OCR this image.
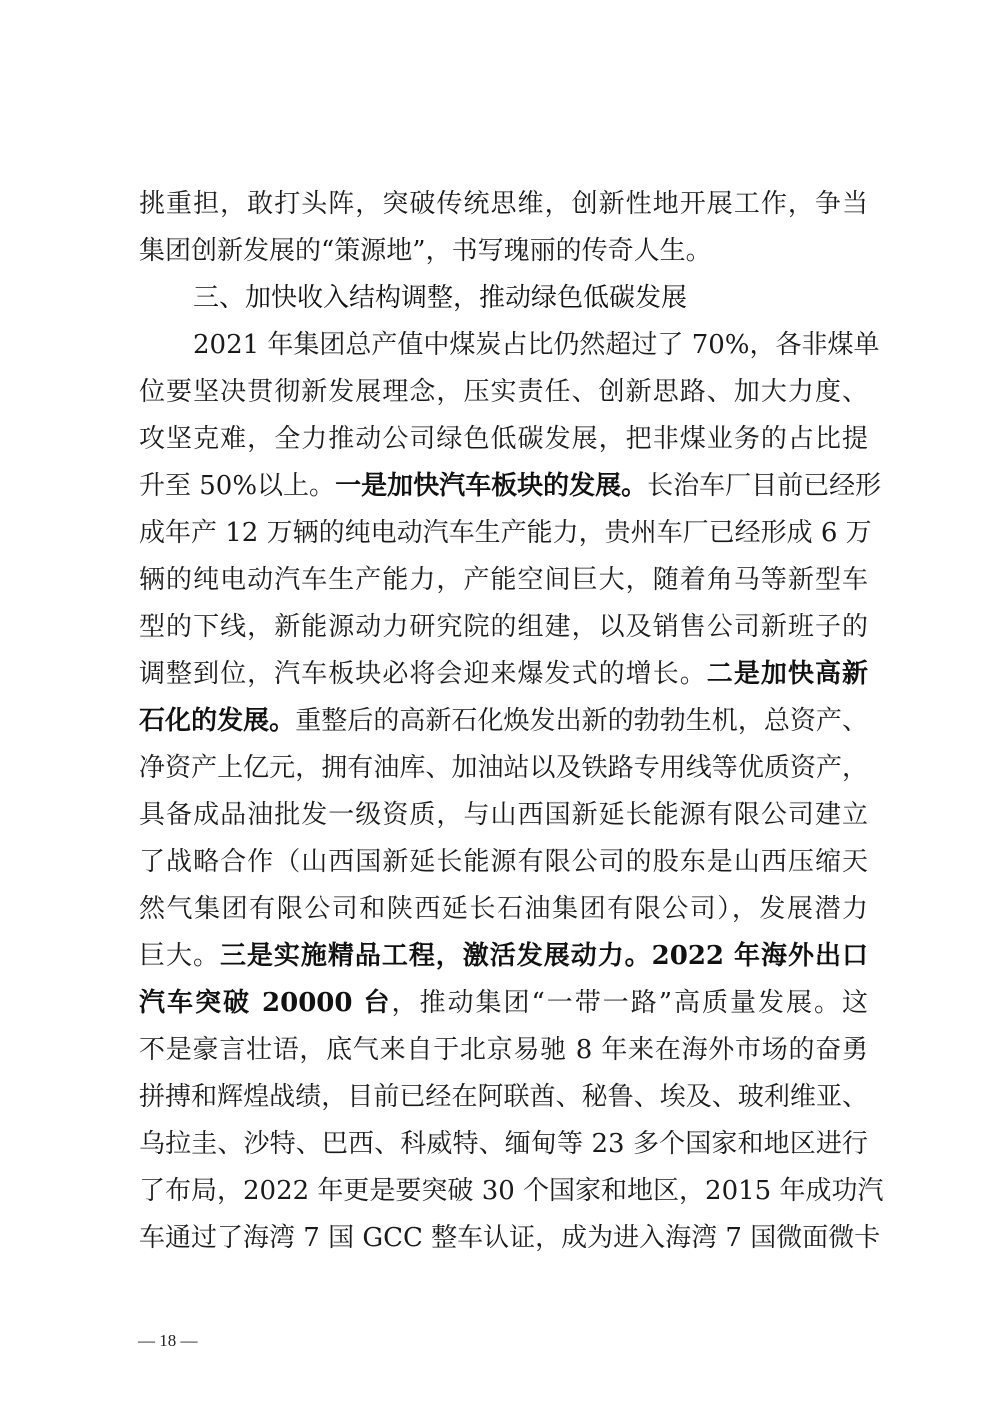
挑重担，敢打头阵，突破传统思维，创新性地开展工作，争当
集团创新发展的“策源地”，书写瑰丽的传奇人生。
三、加快收入结构调整，推动绿色低碳发展
2021 年集团总产值中煤炭占比仍然超过了 70%，各非煤单
位要坚决贯彻新发展理念，压实责任、创新思路、加大力度、
攻坚克难，全力推动公司绿色低碳发展，把非煤业务的占比提
升至 50%以上。一是加快汽车板块的发展。长治车厂目前已经形
成年产 12 万辆的纯电动汽车生产能力，贵州车厂已经形成 6 万
辆的纯电动汽车生产能力，产能空间巨大，随着角马等新型车
型的下线，新能源动力研究院的组建，以及销售公司新班子的
调整到位，汽车板块必将会迎来爆发式的增长。二是加快高新
石化的发展。重整后的高新石化焕发出新的勃勃生机，总资产、
净资产上亿元，拥有油库、加油站以及铁路专用线等优质资产，
具备成品油批发一级资质，与山西国新延长能源有限公司建立
了战略合作（山西国新延长能源有限公司的股东是山西压缩天
然气集团有限公司和陕西延长石油集团有限公司），发展潜力
巨大。三是实施精品工程，激活发展动力。2022 年海外出口
汽车突破 20000 台，推动集团“一带一路”高质量发展。这
不是豪言壮语，底气来自于北京易驰 8 年来在海外市场的奋勇
拼搏和辉煌战绩，目前已经在阿联酋、秘鲁、埃及、玻利维亚、
乌拉圭、沙特、巴西、科威特、缅甸等 23 多个国家和地区进行
了布局，2022 年更是要突破 30 个国家和地区，2015 年成功汽
车通过了海湾 7 国 GCC 整车认证，成为进入海湾 7 国微面微卡
— 18 —
